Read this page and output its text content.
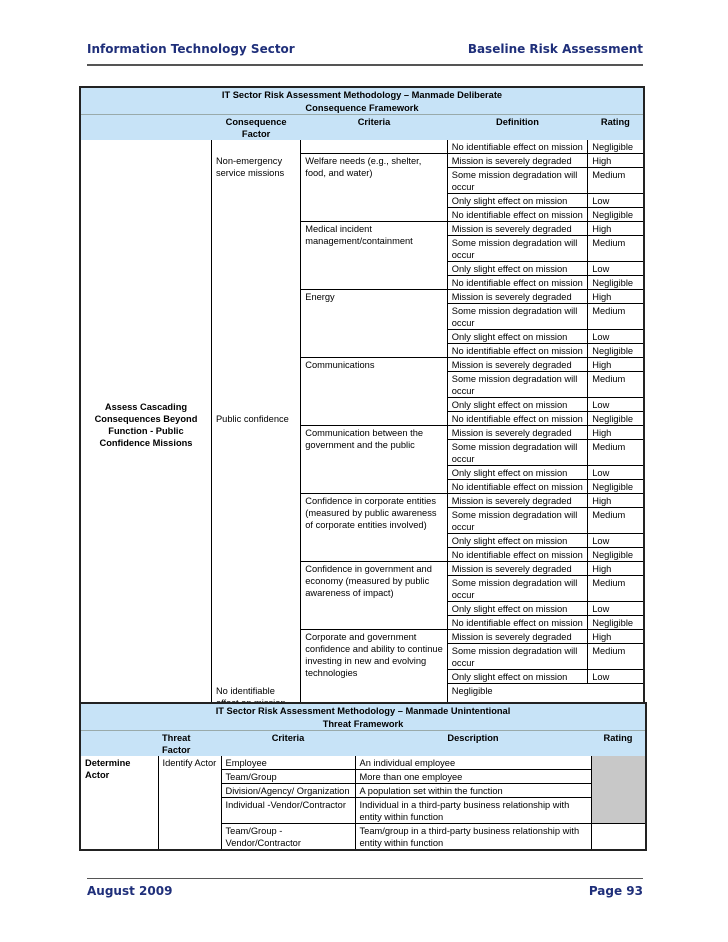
Information Technology Sector	Baseline Risk Assessment
IT Sector Risk Assessment Methodology – Manmade Deliberate				
Consequence Framework				
	Consequence Factor	Criteria	Definition	Rating
Assess Cascading Consequences Beyond Function - Public Confidence Missions			No identifiable effect on mission	Negligible
	Non-emergency service missions	Welfare needs (e.g., shelter, food, and water)	Mission is severely degraded	High
			Some mission degradation will occur	Medium
			Only slight effect on mission	Low
			No identifiable effect on mission	Negligible
		Medical incident management/containment	Mission is severely degraded	High
			Some mission degradation will occur	Medium
			Only slight effect on mission	Low
			No identifiable effect on mission	Negligible
		Energy	Mission is severely degraded	High
			Some mission degradation will occur	Medium
			Only slight effect on mission	Low
			No identifiable effect on mission	Negligible
		Communications	Mission is severely degraded	High
			Some mission degradation will occur	Medium
			Only slight effect on mission	Low
	Public confidence		No identifiable effect on mission	Negligible
		Communication between the government and the public	Mission is severely degraded	High
			Some mission degradation will occur	Medium
			Only slight effect on mission	Low
			No identifiable effect on mission	Negligible
		Confidence in corporate entities (measured by public awareness of corporate entities involved)	Mission is severely degraded	High
			Some mission degradation will occur	Medium
			Only slight effect on mission	Low
			No identifiable effect on mission	Negligible
		Confidence in government and economy (measured by public awareness of impact)	Mission is severely degraded	High
			Some mission degradation will occur	Medium
			Only slight effect on mission	Low
			No identifiable effect on mission	Negligible
		Corporate and government confidence and ability to continue investing in new and evolving technologies	Mission is severely degraded	High
			Some mission degradation will occur	Medium
			Only slight effect on mission	Low
	No identifiable		Negligible	
IT Sector Risk Assessment Methodology – Manmade Unintentional				
Threat Framework				
	Threat Factor	Criteria	Description	Rating
Determine Actor	Identify Actor	Employee	An individual employee	
		Team/Group	More than one employee	
		Division/Agency/ Organization	A population set within the function	
		Individual -Vendor/Contractor	Individual in a third-party business relationship with entity within function	
		Team/Group - Vendor/Contractor	Team/group in a third-party business relationship with entity within function	
August 2009	Page 93
